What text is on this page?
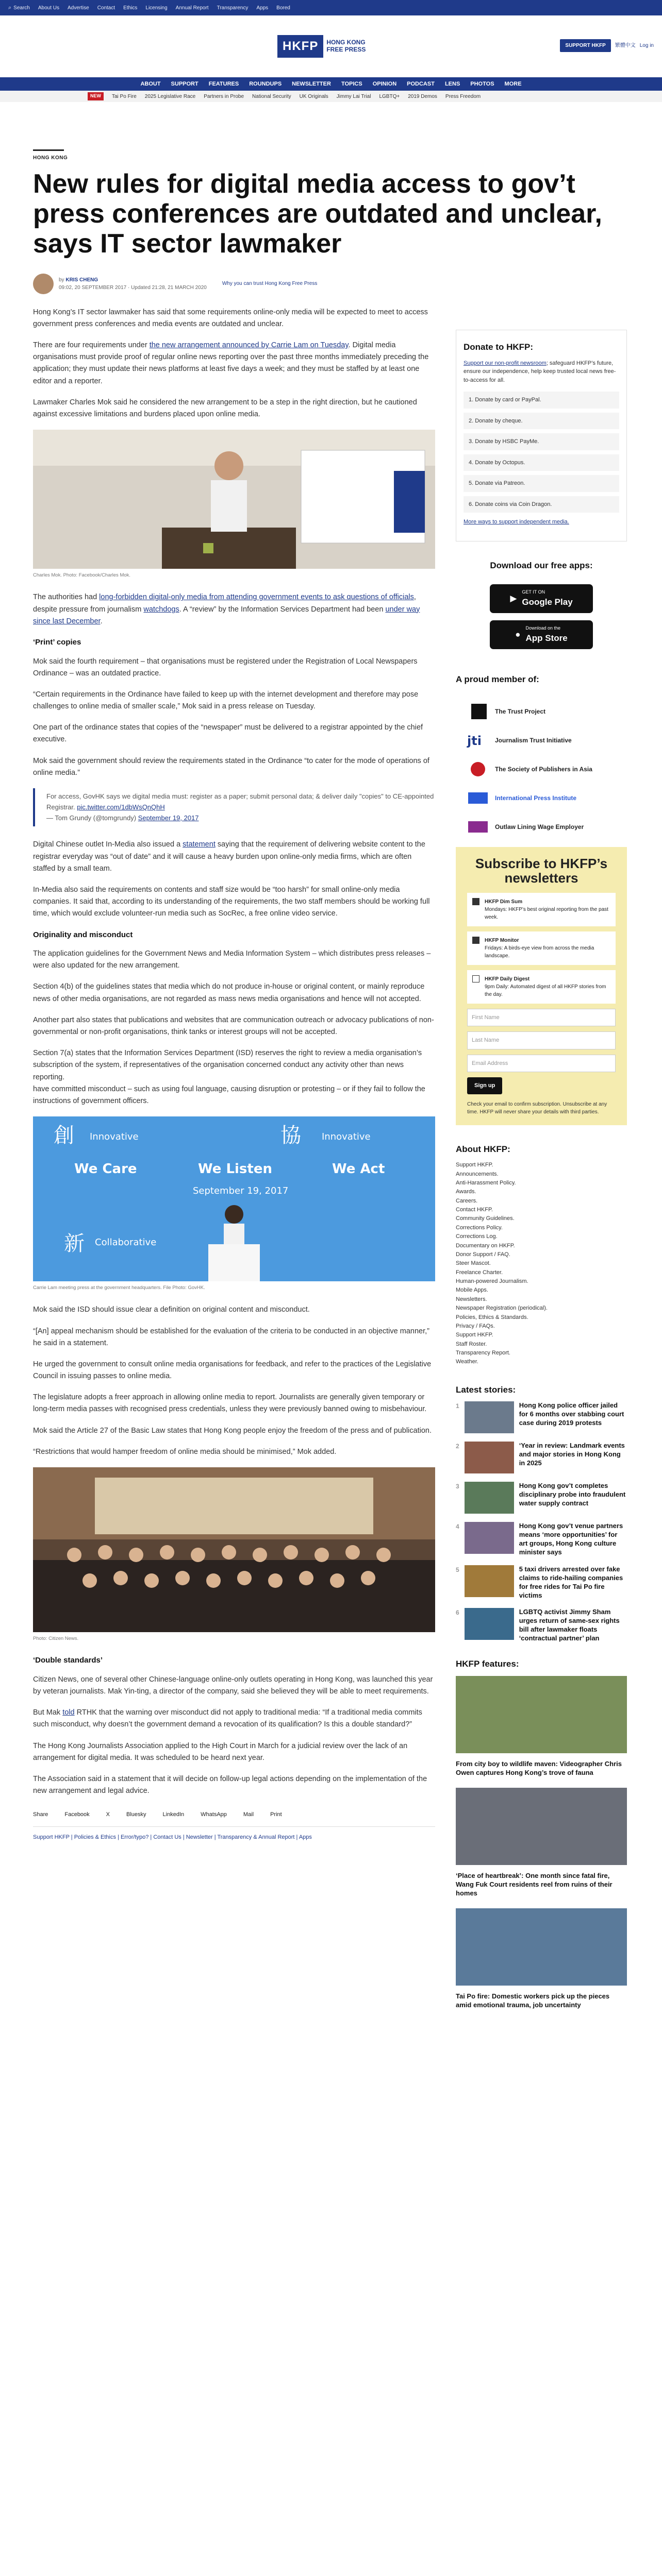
⌕ Search About Us Advertise Contact Ethics Licensing Annual Report Transparency Apps Bored
HKFP	HONG KONG
FREE PRESS
SUPPORT HKFP	繁體中文 Log in
ABOUT SUPPORT FEATURES ROUNDUPS NEWSLETTER TOPICS OPINION PODCAST LENS PHOTOS MORE
NEW	Tai Po Fire 2025 Legislative Race Partners in Probe National Security UK Originals Jimmy Lai Trial LGBTQ+ 2019 Demos Press Freedom
HONG KONG
New rules for digital media access to gov’t press conferences are outdated and unclear, says IT sector lawmaker
by KRIS CHENG
09:02, 20 SEPTEMBER 2017 · Updated 21:28, 21 MARCH 2020
Why you can trust Hong Kong Free Press

Hong Kong’s IT sector lawmaker has said that some requirements online-only media will be expected to meet to access government press conferences and media events are outdated and unclear.

There are four requirements under the new arrangement announced by Carrie Lam on Tuesday. Digital media organisations must provide proof of regular online news reporting over the past three months immediately preceding the application; they must update their news platforms at least five days a week; and they must be staffed by at least one editor and a reporter.

Lawmaker Charles Mok said he considered the new arrangement to be a step in the right direction, but he cautioned against excessive limitations and burdens placed upon online media.

Charles Mok. Photo: Facebook/Charles Mok.

The authorities had long-forbidden digital-only media from attending government events to ask questions of officials, despite pressure from journalism watchdogs. A “review” by the Information Services Department had been under way since last December.

‘Print’ copies

Mok said the fourth requirement – that organisations must be registered under the Registration of Local Newspapers Ordinance – was an outdated practice.

“Certain requirements in the Ordinance have failed to keep up with the internet development and therefore may pose challenges to online media of smaller scale,” Mok said in a press release on Tuesday.

One part of the ordinance states that copies of the “newspaper” must be delivered to a registrar appointed by the chief executive.

Mok said the government should review the requirements stated in the Ordinance “to cater for the mode of operations of online media.”

For access, GovHK says we digital media must: register as a paper; submit personal data; & deliver daily "copies" to CE-appointed Registrar. pic.twitter.com/1dbWsQnQhH
— Tom Grundy (@tomgrundy) September 19, 2017

Digital Chinese outlet In-Media also issued a statement saying that the requirement of delivering website content to the registrar everyday was “out of date” and it will cause a heavy burden upon online-only media firms, which are often staffed by a small team.

In-Media also said the requirements on contents and staff size would be “too harsh” for small online-only media companies. It said that, according to its understanding of the requirements, the two staff members should be working full time, which would exclude volunteer-run media such as SocRec, a free online video service.

Originality and misconduct

The application guidelines for the Government News and Media Information System – which distributes press releases – were also updated for the new arrangement.

Section 4(b) of the guidelines states that media which do not produce in-house or original content, or mainly reproduce news of other media organisations, are not regarded as mass news media organisations and hence will not accepted.

Another part also states that publications and websites that are communication outreach or advocacy publications of non-governmental or non-profit organisations, think tanks or interest groups will not be accepted.

Section 7(a) states that the Information Services Department (ISD) reserves the right to review a media organisation’s subscription of the system, if representatives of the organisation concerned conduct any activity other than news reporting.
have committed misconduct – such as using foul language, causing disruption or protesting – or if they fail to follow the instructions of government officers.

創 Innovative	協 Innovative
We Care	We Listen	We Act
September 19, 2017
新 Collaborative
Carrie Lam meeting press at the government headquarters. File Photo: GovHK.

Mok said the ISD should issue clear a definition on original content and misconduct.

“[An] appeal mechanism should be established for the evaluation of the criteria to be conducted in an objective manner,” he said in a statement.

He urged the government to consult online media organisations for feedback, and refer to the practices of the Legislative Council in issuing passes to online media.

The legislature adopts a freer approach in allowing online media to report. Journalists are generally given temporary or long-term media passes with recognised press credentials, unless they were previously banned owing to misbehaviour.

Mok said the Article 27 of the Basic Law states that Hong Kong people enjoy the freedom of the press and of publication.

“Restrictions that would hamper freedom of online media should be minimised,” Mok added.

Photo: Citizen News.
‘Double standards’

Citizen News, one of several other Chinese-language online-only outlets operating in Hong Kong, was launched this year by veteran journalists. Mak Yin-ting, a director of the company, said she believed they will be able to meet requirements.

But Mak told RTHK that the warning over misconduct did not apply to traditional media: “If a traditional media commits such misconduct, why doesn’t the government demand a revocation of its qualification? Is this a double standard?”

The Hong Kong Journalists Association applied to the High Court in March for a judicial review over the lack of an arrangement for digital media. It was scheduled to be heard next year.

The Association said in a statement that it will decide on follow-up legal actions depending on the implementation of the new arrangement and legal advice.

Share	Facebook	X	Bluesky	LinkedIn	WhatsApp	Mail	Print
Support HKFP | Policies & Ethics | Error/typo? | Contact Us | Newsletter | Transparency & Annual Report | Apps
Donate to HKFP:
Support our non-profit newsroom; safeguard HKFP’s future, ensure our independence, help keep trusted local news free-to-access for all.
1. Donate by card or PayPal.
2. Donate by cheque.
3. Donate by HSBC PayMe.
4. Donate by Octopus.
5. Donate via Patreon.
6. Donate coins via Coin Dragon.
More ways to support independent media.
Download our free apps:
▶
GET IT ON
Google Play
●
Download on the
App Store
A proud member of:
The Trust Project
jti Journalism Trust Initiative
The Society of Publishers in Asia
International Press Institute
Outlaw Lining Wage Employer
Subscribe to HKFP’s newsletters
HKFP Dim Sum
Mondays: HKFP’s best original reporting from the past week.
HKFP Monitor
Fridays: A birds-eye view from across the media landscape.
HKFP Daily Digest
9pm Daily: Automated digest of all HKFP stories from the day.
First Name
Last Name
Email Address
Sign up
Check your email to confirm subscription. Unsubscribe at any time. HKFP will never share your details with third parties.
About HKFP:
Support HKFP.
Announcements.
Anti-Harassment Policy.
Awards.
Careers.
Contact HKFP.
Community Guidelines.
Corrections Policy.
Corrections Log.
Documentary on HKFP.
Donor Support / FAQ.
Steer Mascot.
Freelance Charter.
Human-powered Journalism.
Mobile Apps.
Newsletters.
Newspaper Registration (periodical).
Policies, Ethics & Standards.
Privacy / FAQs.
Support HKFP.
Staff Roster.
Transparency Report.
Weather.
Latest stories:
1	Hong Kong police officer jailed for 6 months over stabbing court case during 2019 protests
2	‘Year in review: Landmark events and major stories in Hong Kong in 2025
3	Hong Kong gov’t completes disciplinary probe into fraudulent water supply contract
4	Hong Kong gov’t venue partners means ‘more opportunities’ for art groups, Hong Kong culture minister says
5	5 taxi drivers arrested over fake claims to ride-hailing companies for free rides for Tai Po fire victims
6	LGBTQ activist Jimmy Sham urges return of same-sex rights bill after lawmaker floats ‘contractual partner’ plan
HKFP features:
From city boy to wildlife maven: Videographer Chris Owen captures Hong Kong’s trove of fauna
‘Place of heartbreak’: One month since fatal fire, Wang Fuk Court residents reel from ruins of their homes
Tai Po fire: Domestic workers pick up the pieces amid emotional trauma, job uncertainty
